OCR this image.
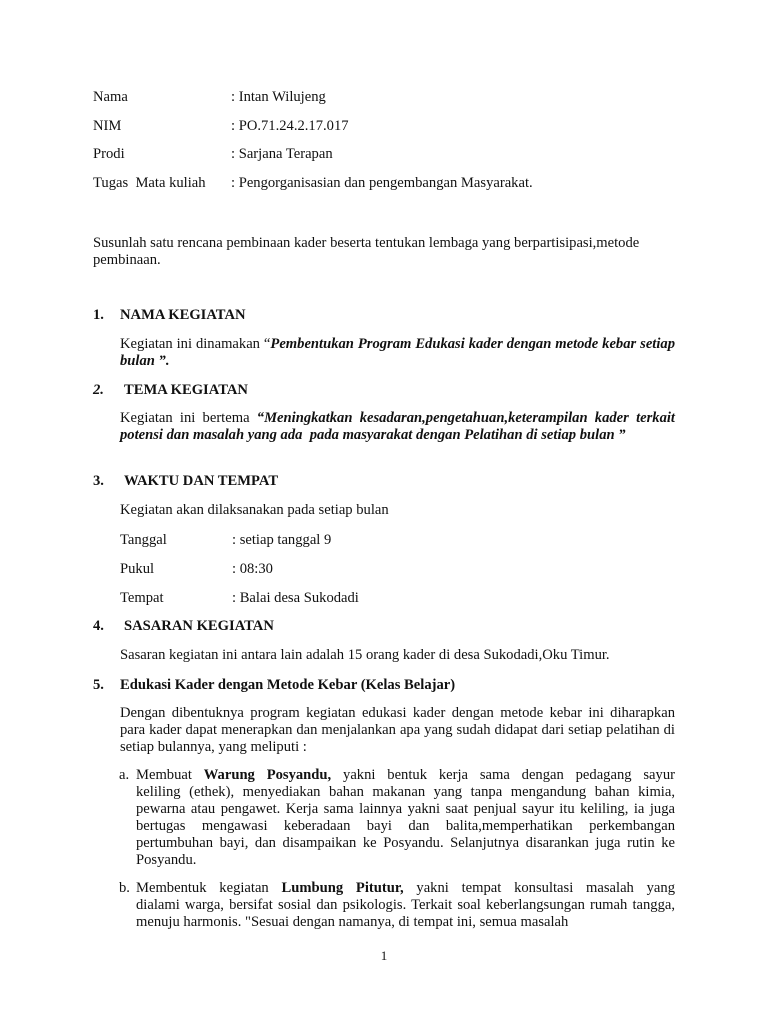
Nama	: Intan Wilujeng
NIM	: PO.71.24.2.17.017
Prodi	: Sarjana Terapan
Tugas  Mata kuliah : Pengorganisasian dan pengembangan Masyarakat.
Susunlah satu rencana pembinaan kader beserta tentukan lembaga yang berpartisipasi,metode pembinaan.
1. NAMA KEGIATAN
Kegiatan ini dinamakan “Pembentukan Program Edukasi kader dengan metode kebar setiap bulan ”.
2. TEMA KEGIATAN
Kegiatan ini bertema “Meningkatkan kesadaran,pengetahuan,keterampilan kader terkait potensi dan masalah yang ada  pada masyarakat dengan Pelatihan di setiap bulan ”
3. WAKTU DAN TEMPAT
Kegiatan akan dilaksanakan pada setiap bulan
Tanggal	: setiap tanggal 9
Pukul	: 08:30
Tempat	: Balai desa Sukodadi
4. SASARAN KEGIATAN
Sasaran kegiatan ini antara lain adalah 15 orang kader di desa Sukodadi,Oku Timur.
5. Edukasi Kader dengan Metode Kebar (Kelas Belajar)
Dengan dibentuknya program kegiatan edukasi kader dengan metode kebar ini diharapkan para kader dapat menerapkan dan menjalankan apa yang sudah didapat dari setiap pelatihan di setiap bulannya, yang meliputi :
a. Membuat Warung Posyandu, yakni bentuk kerja sama dengan pedagang sayur
keliling (ethek), menyediakan bahan makanan yang tanpa mengandung bahan kimia, pewarna atau pengawet. Kerja sama lainnya yakni saat penjual sayur itu keliling, ia juga bertugas mengawasi keberadaan bayi dan balita,memperhatikan perkembangan pertumbuhan bayi, dan disampaikan ke Posyandu. Selanjutnya disarankan juga rutin ke Posyandu.
b. Membentuk kegiatan Lumbung Pitutur, yakni tempat konsultasi masalah yang
dialami warga, bersifat sosial dan psikologis. Terkait soal keberlangsungan rumah tangga, menuju harmonis. "Sesuai dengan namanya, di tempat ini, semua masalah
1
